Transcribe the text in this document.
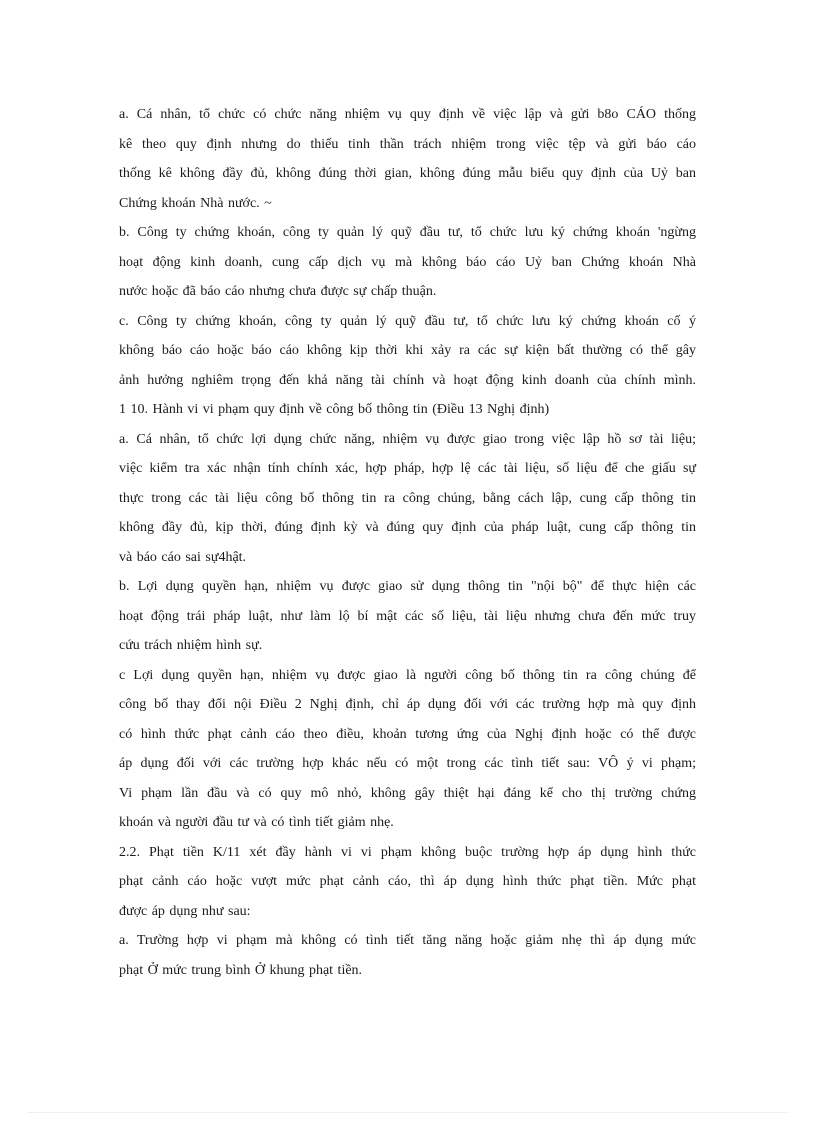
a. Cá nhân, tổ chức có chức năng nhiệm vụ quy định về việc lập và gửi b8o CÁO thống
kê theo quy định nhưng do thiếu tinh thần trách nhiệm trong việc tệp và gửi báo cáo
thống kê không đầy đủ, không đúng thời gian, không đúng mẫu biểu quy định của Uỷ ban
Chứng khoán Nhà nước. ~
b. Công ty chứng khoán, công ty quản lý quỹ đầu tư, tổ chức lưu ký chứng khoán 'ngừng
hoạt động kinh doanh, cung cấp dịch vụ mà không báo cáo Uỷ ban Chứng khoán Nhà
nước hoặc đã báo cáo nhưng chưa được sự chấp thuận.
c. Công ty chứng khoán, công ty quản lý quỹ đầu tư, tổ chức lưu ký chứng khoán cố ý
không báo cáo hoặc báo cáo không kịp thời khi xảy ra các sự kiện bất thường có thể gây
ảnh hưởng nghiêm trọng đến khả năng tài chính và hoạt động kinh doanh của chính mình.
1 10. Hành vi vi phạm quy định về công bố thông tin (Điều 13 Nghị định)
a. Cá nhân, tổ chức lợi dụng chức năng, nhiệm vụ được giao trong việc lập hồ sơ tài liệu;
việc kiểm tra xác nhận tính chính xác, hợp pháp, hợp lệ các tài liệu, số liệu để che giấu sự
thực trong các tài liệu công bố thông tin ra công chúng, bằng cách lập, cung cấp thông tin
không đầy đủ, kịp thời, đúng định kỳ và đúng quy định của pháp luật, cung cấp thông tin
và báo cáo sai sự4hật.
b. Lợi dụng quyền hạn, nhiệm vụ được giao sử dụng thông tin "nội bộ" để thực hiện các
hoạt động trái pháp luật, như làm lộ bí mật các số liệu, tài liệu nhưng chưa đến mức truy
cứu trách nhiệm hình sự.
c Lợi dụng quyền hạn, nhiệm vụ được giao là người công bố thông tin ra công chúng để
công bố thay đổi nội Điều 2 Nghị định, chỉ áp dụng đối với các trường hợp mà quy định
có hình thức phạt cảnh cáo theo điều, khoản tương ứng của Nghị định hoặc có thể được
áp dụng đối với các trường hợp khác nếu có một trong các tình tiết sau: VÔ ý vi phạm;
Vi phạm lần đầu và có quy mô nhỏ, không gây thiệt hại đáng kể cho thị trường chứng
khoán và người đầu tư và có tình tiết giảm nhẹ.
2.2. Phạt tiền K/11 xét đầy hành vi vi phạm không buộc trường hợp áp dụng hình thức
phạt cảnh cáo hoặc vượt mức phạt cảnh cáo, thì áp dụng hình thức phạt tiền. Mức phạt
được áp dụng như sau:
a. Trường hợp vi phạm mà không có tình tiết tăng năng hoặc giảm nhẹ thì áp dụng mức
phạt Ở mức trung bình Ở khung phạt tiền.
